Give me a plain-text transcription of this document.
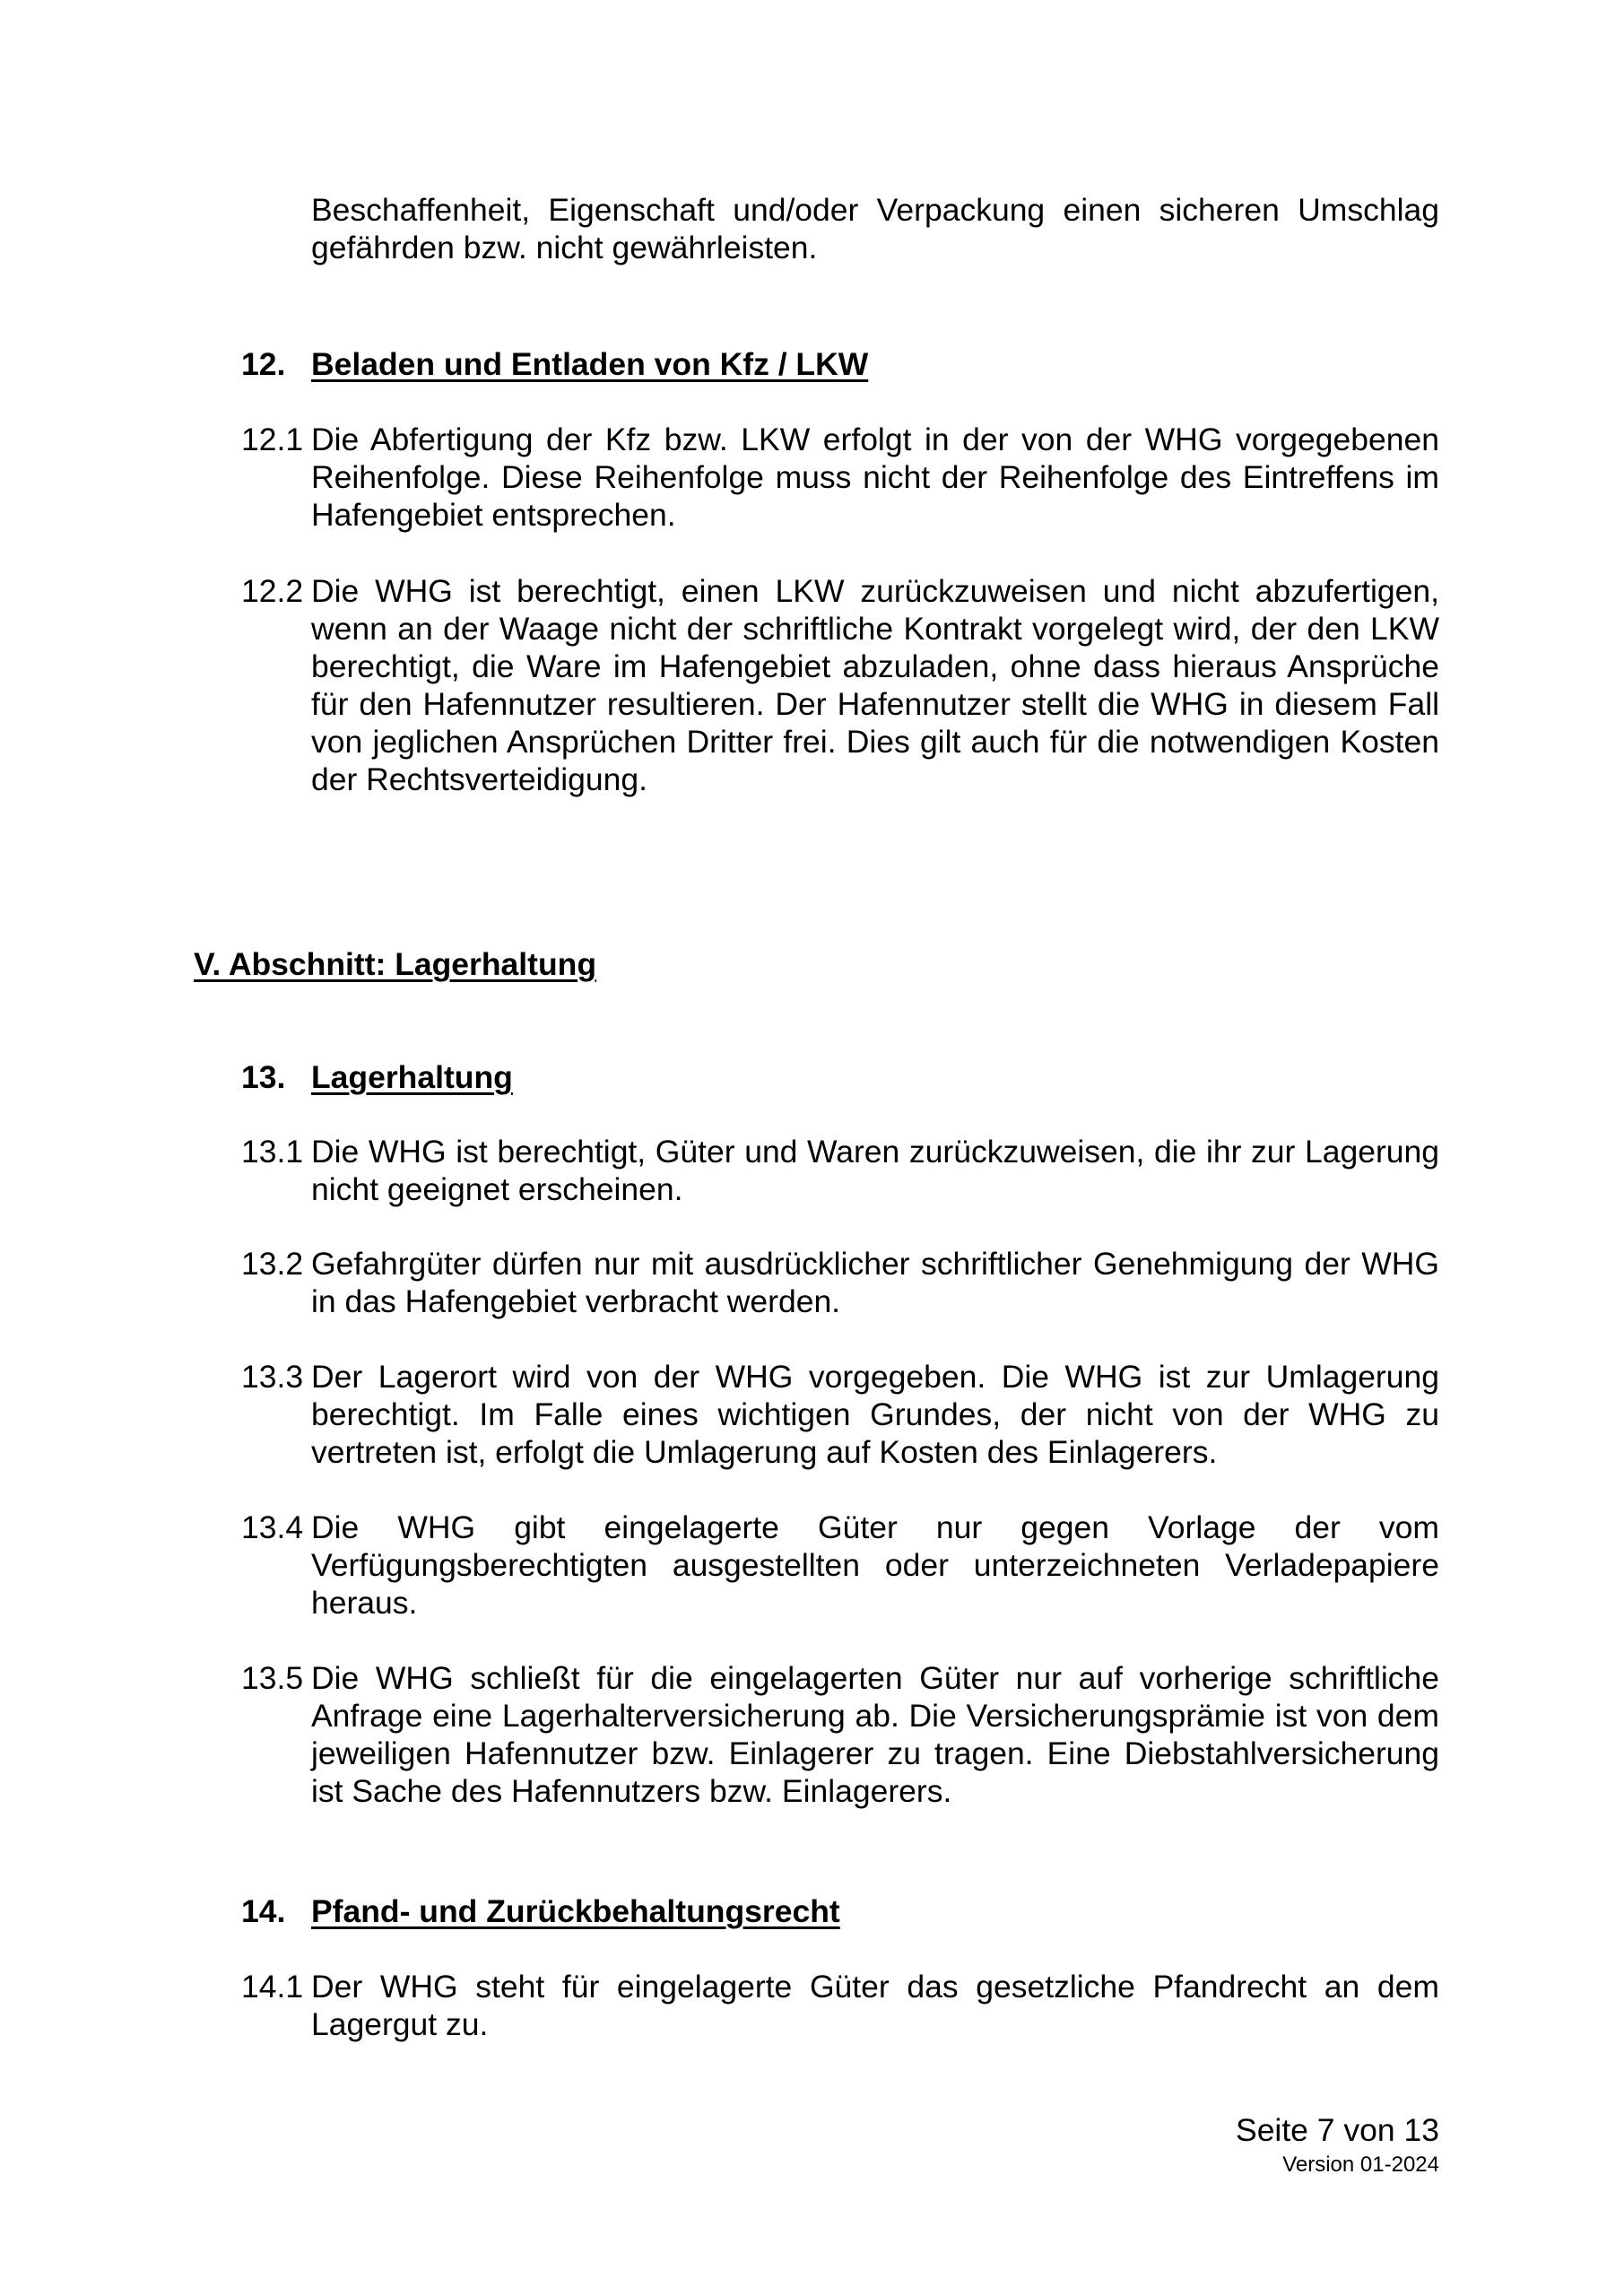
Beschaffenheit, Eigenschaft und/oder Verpackung einen sicheren Umschlag gefährden bzw. nicht gewährleisten.
12. Beladen und Entladen von Kfz / LKW
12.1 Die Abfertigung der Kfz bzw. LKW erfolgt in der von der WHG vorgegebenen Reihenfolge. Diese Reihenfolge muss nicht der Reihenfolge des Eintreffens im Hafengebiet entsprechen.
12.2 Die WHG ist berechtigt, einen LKW zurückzuweisen und nicht abzufertigen, wenn an der Waage nicht der schriftliche Kontrakt vorgelegt wird, der den LKW berechtigt, die Ware im Hafengebiet abzuladen, ohne dass hieraus Ansprüche für den Hafennutzer resultieren. Der Hafennutzer stellt die WHG in diesem Fall von jeglichen Ansprüchen Dritter frei. Dies gilt auch für die notwendigen Kosten der Rechtsverteidigung.
V. Abschnitt: Lagerhaltung
13. Lagerhaltung
13.1 Die WHG ist berechtigt, Güter und Waren zurückzuweisen, die ihr zur Lagerung nicht geeignet erscheinen.
13.2 Gefahrgüter dürfen nur mit ausdrücklicher schriftlicher Genehmigung der WHG in das Hafengebiet verbracht werden.
13.3 Der Lagerort wird von der WHG vorgegeben. Die WHG ist zur Umlagerung berechtigt. Im Falle eines wichtigen Grundes, der nicht von der WHG zu vertreten ist, erfolgt die Umlagerung auf Kosten des Einlagerers.
13.4 Die WHG gibt eingelagerte Güter nur gegen Vorlage der vom Verfügungsberechtigten ausgestellten oder unterzeichneten Verladepapiere heraus.
13.5 Die WHG schließt für die eingelagerten Güter nur auf vorherige schriftliche Anfrage eine Lagerhalterversicherung ab. Die Versicherungsprämie ist von dem jeweiligen Hafennutzer bzw. Einlagerer zu tragen. Eine Diebstahlversicherung ist Sache des Hafennutzers bzw. Einlagerers.
14. Pfand- und Zurückbehaltungsrecht
14.1 Der WHG steht für eingelagerte Güter das gesetzliche Pfandrecht an dem Lagergut zu.
Seite 7 von 13
Version 01-2024
